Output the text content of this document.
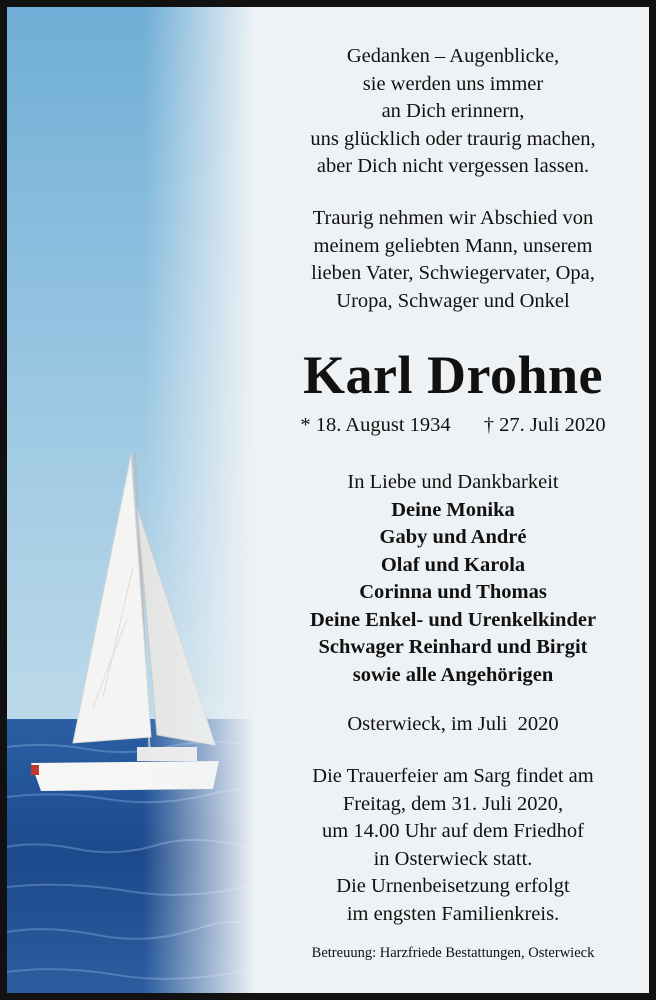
Gedanken – Augenblicke,
sie werden uns immer
an Dich erinnern,
uns glücklich oder traurig machen,
aber Dich nicht vergessen lassen.
Traurig nehmen wir Abschied von
meinem geliebten Mann, unserem
lieben Vater, Schwiegervater, Opa,
Uropa, Schwager und Onkel
Karl Drohne
* 18. August 1934 † 27. Juli 2020
In Liebe und Dankbarkeit
Deine Monika
Gaby und André
Olaf und Karola
Corinna und Thomas
Deine Enkel- und Urenkelkinder
Schwager Reinhard und Birgit
sowie alle Angehörigen
Osterwieck, im Juli  2020
Die Trauerfeier am Sarg findet am
Freitag, dem 31. Juli 2020,
um 14.00 Uhr auf dem Friedhof
in Osterwieck statt.
Die Urnenbeisetzung erfolgt
im engsten Familienkreis.
Betreuung: Harzfriede Bestattungen, Osterwieck
